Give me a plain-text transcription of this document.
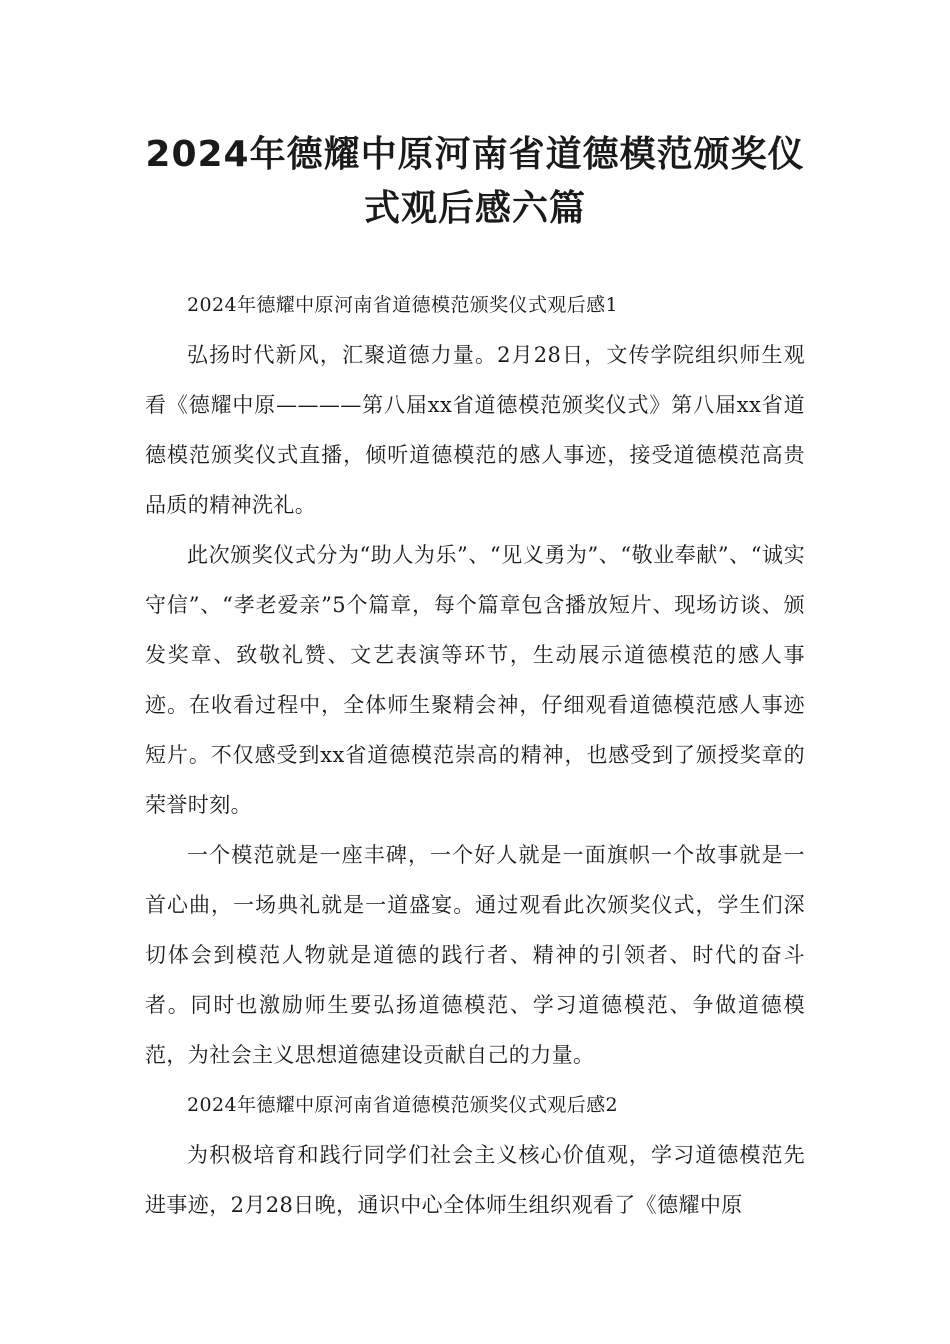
2024年德耀中原河南省道德模范颁奖仪
式观后感六篇

2024年德耀中原河南省道德模范颁奖仪式观后感1

弘扬时代新风，汇聚道德力量。2月28日，文传学院组织师生观看《德耀中原————第八届xx省道德模范颁奖仪式》第八届xx省道德模范颁奖仪式直播，倾听道德模范的感人事迹，接受道德模范高贵品质的精神洗礼。

此次颁奖仪式分为“助人为乐”、“见义勇为”、“敬业奉献”、“诚实守信”、“孝老爱亲”5个篇章，每个篇章包含播放短片、现场访谈、颁发奖章、致敬礼赞、文艺表演等环节，生动展示道德模范的感人事迹。在收看过程中，全体师生聚精会神，仔细观看道德模范感人事迹短片。不仅感受到xx省道德模范崇高的精神，也感受到了颁授奖章的荣誉时刻。

一个模范就是一座丰碑，一个好人就是一面旗帜一个故事就是一首心曲，一场典礼就是一道盛宴。通过观看此次颁奖仪式，学生们深切体会到模范人物就是道德的践行者、精神的引领者、时代的奋斗者。同时也激励师生要弘扬道德模范、学习道德模范、争做道德模范，为社会主义思想道德建设贡献自己的力量。

2024年德耀中原河南省道德模范颁奖仪式观后感2

为积极培育和践行同学们社会主义核心价值观，学习道德模范先进事迹，2月28日晚，通识中心全体师生组织观看了《德耀中原
